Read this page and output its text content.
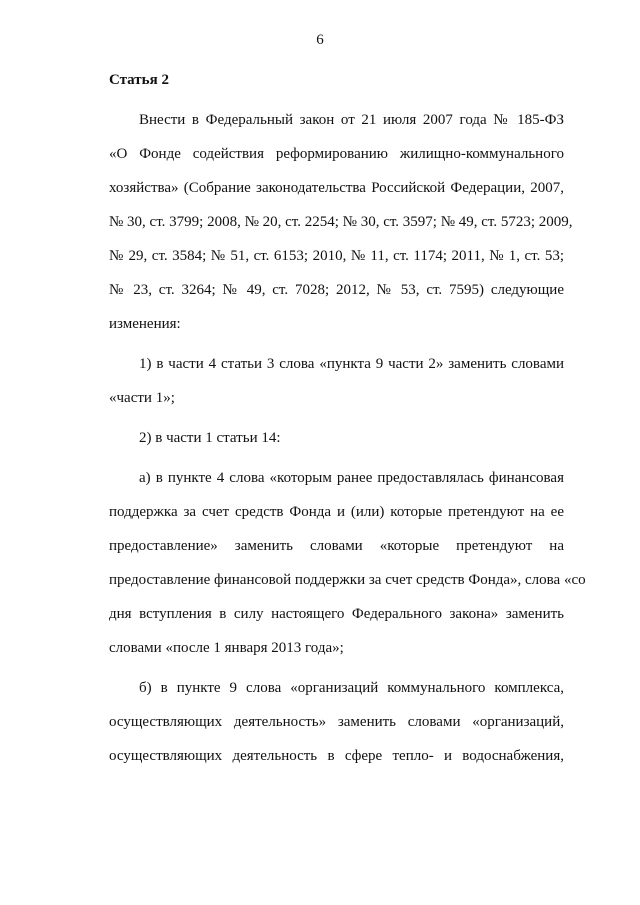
6
Статья 2
Внести в Федеральный закон от 21 июля 2007 года № 185-ФЗ
«О Фонде содействия реформированию жилищно-коммунального
хозяйства» (Собрание законодательства Российской Федерации, 2007,
№ 30, ст. 3799; 2008, № 20, ст. 2254; № 30, ст. 3597; № 49, ст. 5723; 2009,
№ 29, ст. 3584; № 51, ст. 6153; 2010, № 11, ст. 1174; 2011, № 1, ст. 53;
№ 23, ст. 3264; № 49, ст. 7028; 2012, № 53, ст. 7595) следующие
изменения:
1) в части 4 статьи 3 слова «пункта 9 части 2» заменить словами
«части 1»;
2) в части 1 статьи 14:
а) в пункте 4 слова «которым ранее предоставлялась финансовая
поддержка за счет средств Фонда и (или) которые претендуют на ее
предоставление» заменить словами «которые претендуют на
предоставление финансовой поддержки за счет средств Фонда», слова «со
дня вступления в силу настоящего Федерального закона» заменить
словами «после 1 января 2013 года»;
б) в пункте 9 слова «организаций коммунального комплекса,
осуществляющих деятельность» заменить словами «организаций,
осуществляющих деятельность в сфере тепло- и водоснабжения,
